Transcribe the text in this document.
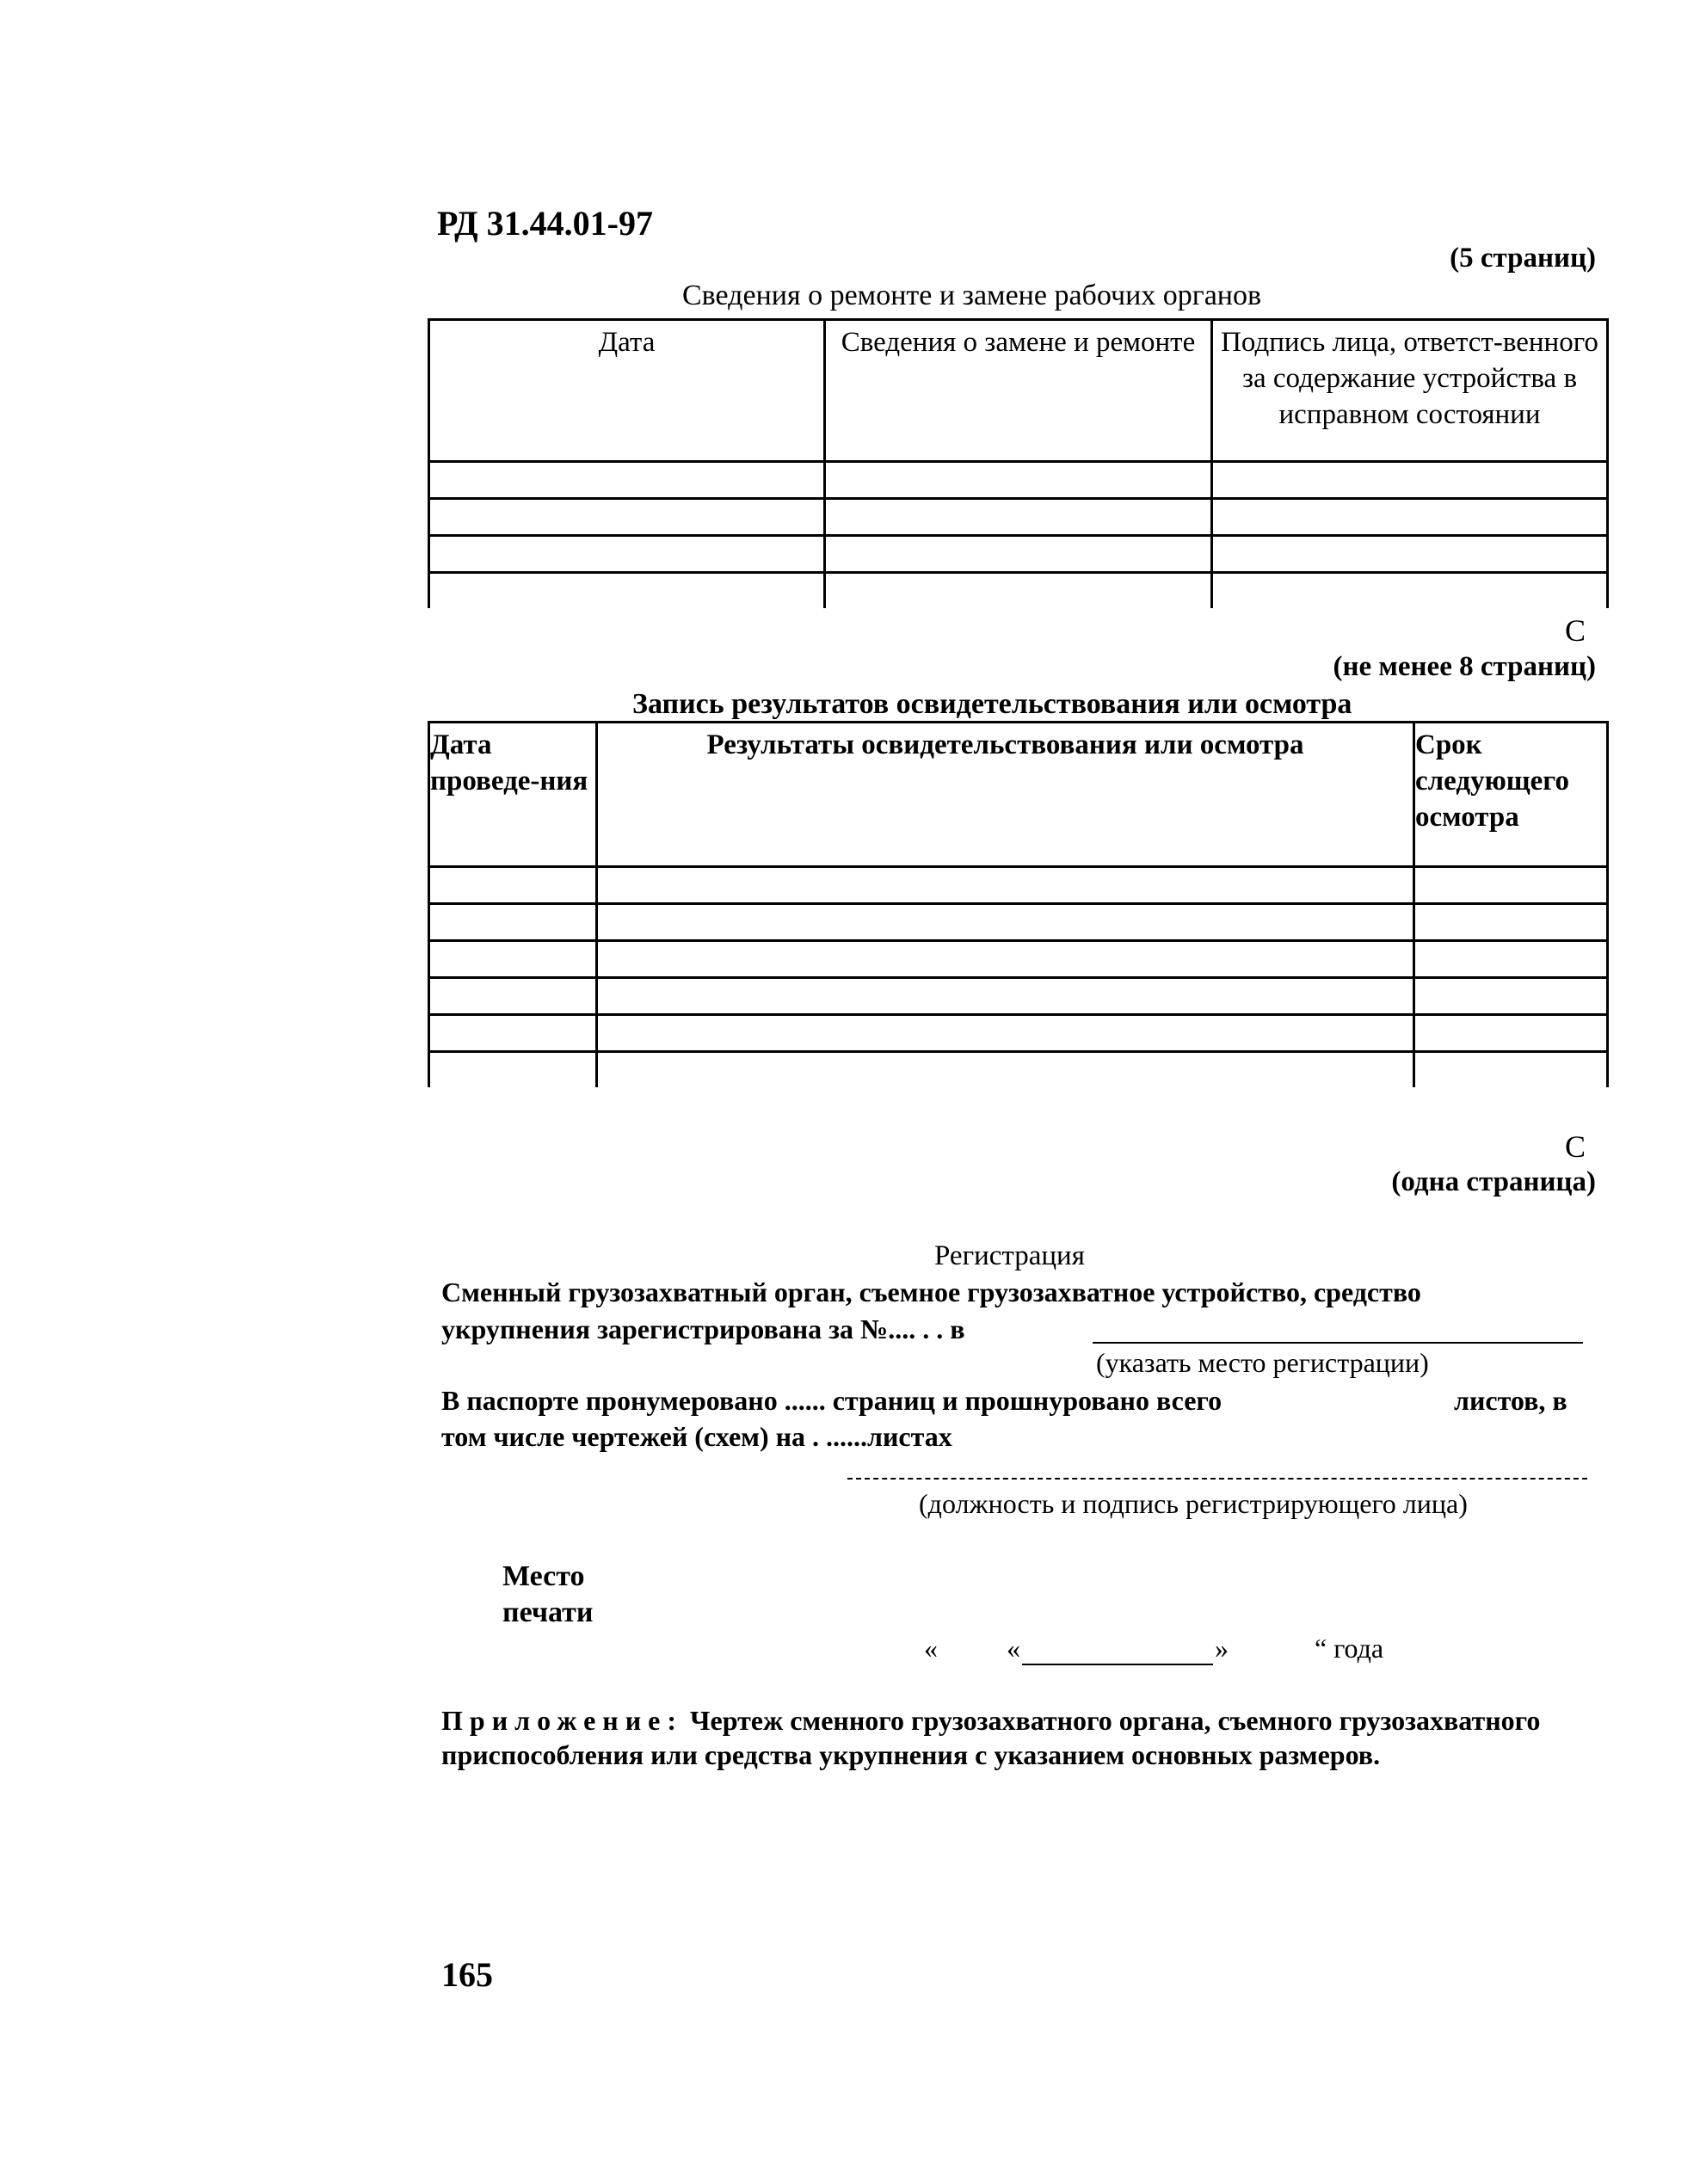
РД 31.44.01-97
(5 страниц)
Сведения о ремонте и замене рабочих органов
Дата	Сведения о замене и ремонте	Подпись лица, ответст-венного за содержание устройства в исправном состоянии

C
(не менее 8 страниц)
Запись результатов освидетельствования или осмотра
Дата проведе-ния	Результаты освидетельствования или осмотра	Срок следующего осмотра

C
(одна страница)
Регистрация
Сменный грузозахватный орган, съемное грузозахватное устройство, средство
укрупнения зарегистрирована за №.... . . в
(указать место регистрации)
В паспорте пронумеровано ...... страниц и прошнуровано всего	листов, в
том числе чертежей (схем) на . ......листах
(должность и подпись регистрирующего лица)
Место
печати
«	«	»	“ года
Приложение: Чертеж сменного грузозахватного органа, съемного грузозахватного приспособления или средства укрупнения с указанием основных размеров.
165
